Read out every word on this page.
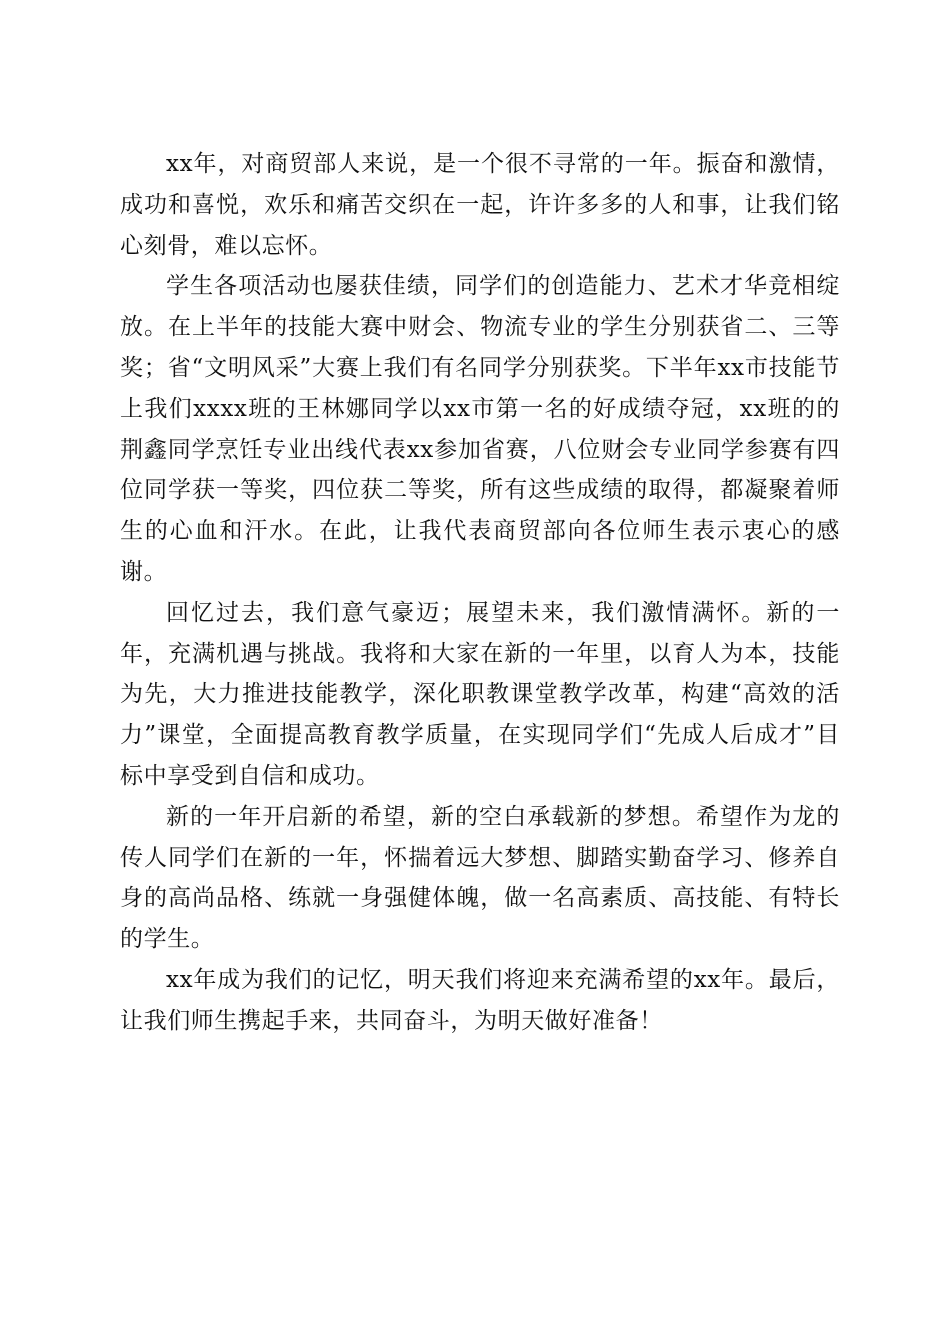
xx年，对商贸部人来说，是一个很不寻常的一年。振奋和激情，成功和喜悦，欢乐和痛苦交织在一起，许许多多的人和事，让我们铭心刻骨，难以忘怀。

学生各项活动也屡获佳绩，同学们的创造能力、艺术才华竞相绽放。在上半年的技能大赛中财会、物流专业的学生分别获省二、三等奖；省“文明风采”大赛上我们有名同学分别获奖。下半年xx市技能节上我们xxxx班的王林娜同学以xx市第一名的好成绩夺冠，xx班的的荆鑫同学烹饪专业出线代表xx参加省赛，八位财会专业同学参赛有四位同学获一等奖，四位获二等奖，所有这些成绩的取得，都凝聚着师生的心血和汗水。在此，让我代表商贸部向各位师生表示衷心的感谢。

回忆过去，我们意气豪迈；展望未来，我们激情满怀。新的一年，充满机遇与挑战。我将和大家在新的一年里，以育人为本，技能为先，大力推进技能教学，深化职教课堂教学改革，构建“高效的活力”课堂，全面提高教育教学质量，在实现同学们“先成人后成才”目标中享受到自信和成功。

新的一年开启新的希望，新的空白承载新的梦想。希望作为龙的传人同学们在新的一年，怀揣着远大梦想、脚踏实勤奋学习、修养自身的高尚品格、练就一身强健体魄，做一名高素质、高技能、有特长的学生。

xx年成为我们的记忆，明天我们将迎来充满希望的xx年。最后，让我们师生携起手来，共同奋斗，为明天做好准备！
